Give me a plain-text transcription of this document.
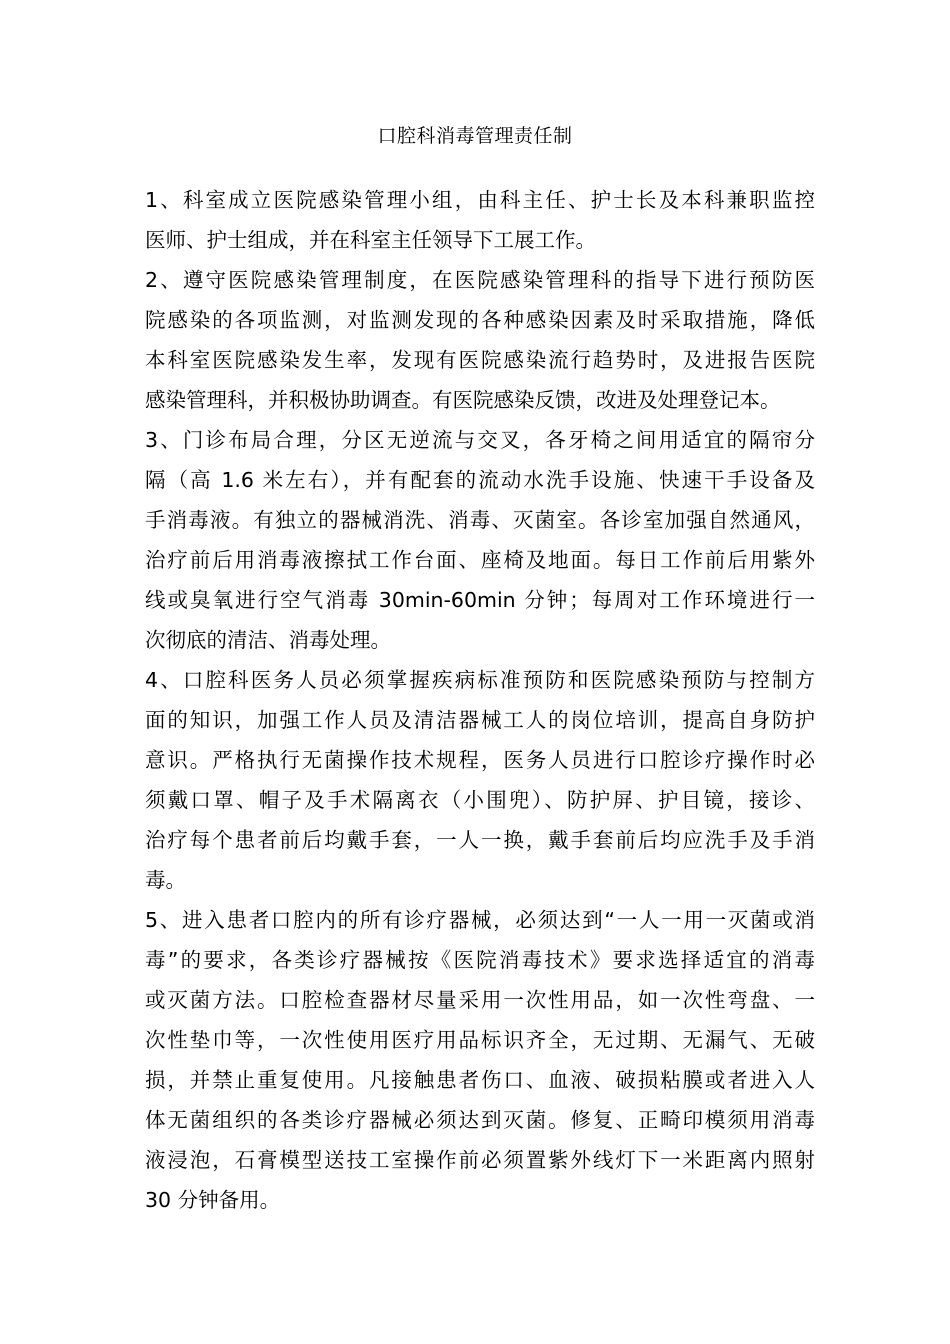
口腔科消毒管理责任制
1、科室成立医院感染管理小组，由科主任、护士长及本科兼职监控
医师、护士组成，并在科室主任领导下工展工作。
2、遵守医院感染管理制度，在医院感染管理科的指导下进行预防医
院感染的各项监测，对监测发现的各种感染因素及时采取措施，降低
本科室医院感染发生率，发现有医院感染流行趋势时，及进报告医院
感染管理科，并积极协助调查。有医院感染反馈，改进及处理登记本。
3、门诊布局合理，分区无逆流与交叉，各牙椅之间用适宜的隔帘分
隔（高 1.6 米左右），并有配套的流动水洗手设施、快速干手设备及
手消毒液。有独立的器械消洗、消毒、灭菌室。各诊室加强自然通风，
治疗前后用消毒液擦拭工作台面、座椅及地面。每日工作前后用紫外
线或臭氧进行空气消毒 30min-60min 分钟；每周对工作环境进行一
次彻底的清洁、消毒处理。
4、口腔科医务人员必须掌握疾病标准预防和医院感染预防与控制方
面的知识，加强工作人员及清洁器械工人的岗位培训，提高自身防护
意识。严格执行无菌操作技术规程，医务人员进行口腔诊疗操作时必
须戴口罩、帽子及手术隔离衣（小围兜）、防护屏、护目镜，接诊、
治疗每个患者前后均戴手套，一人一换，戴手套前后均应洗手及手消
毒。
5、进入患者口腔内的所有诊疗器械，必须达到“一人一用一灭菌或消
毒”的要求，各类诊疗器械按《医院消毒技术》要求选择适宜的消毒
或灭菌方法。口腔检查器材尽量采用一次性用品，如一次性弯盘、一
次性垫巾等，一次性使用医疗用品标识齐全，无过期、无漏气、无破
损，并禁止重复使用。凡接触患者伤口、血液、破损粘膜或者进入人
体无菌组织的各类诊疗器械必须达到灭菌。修复、正畸印模须用消毒
液浸泡，石膏模型送技工室操作前必须置紫外线灯下一米距离内照射
30 分钟备用。
